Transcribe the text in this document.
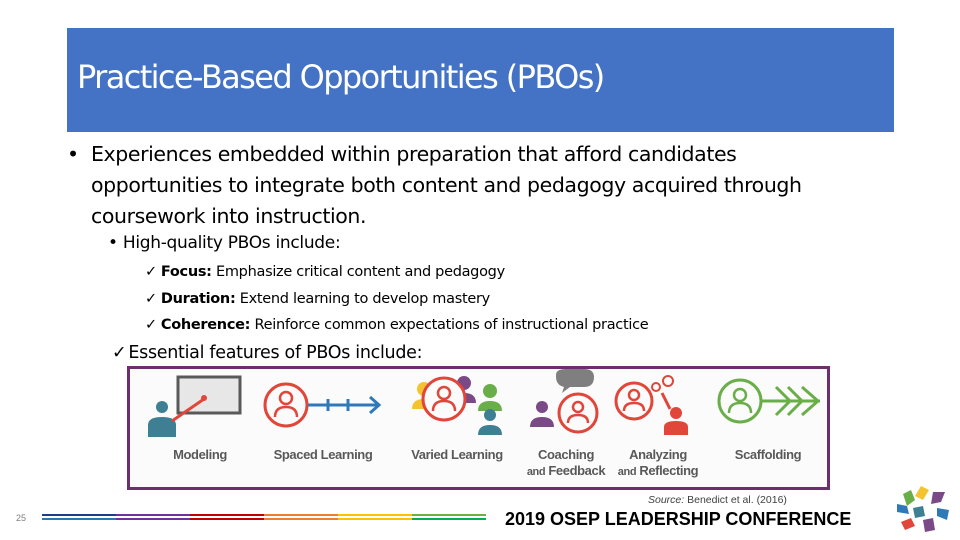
Practice-Based Opportunities (PBOs)
• Experiences embedded within preparation that afford candidates opportunities to integrate both content and pedagogy acquired through coursework into instruction.
• High-quality PBOs include:
✓ Focus: Emphasize critical content and pedagogy
✓ Duration: Extend learning to develop mastery
✓ Coherence: Reinforce common expectations of instructional practice
✓ Essential features of PBOs include:
Modeling	Spaced Learning	Varied Learning	Coaching
and Feedback
Analyzing
and Reflecting
Scaffolding
Source: Benedict et al. (2016)
25	2019 OSEP LEADERSHIP CONFERENCE
